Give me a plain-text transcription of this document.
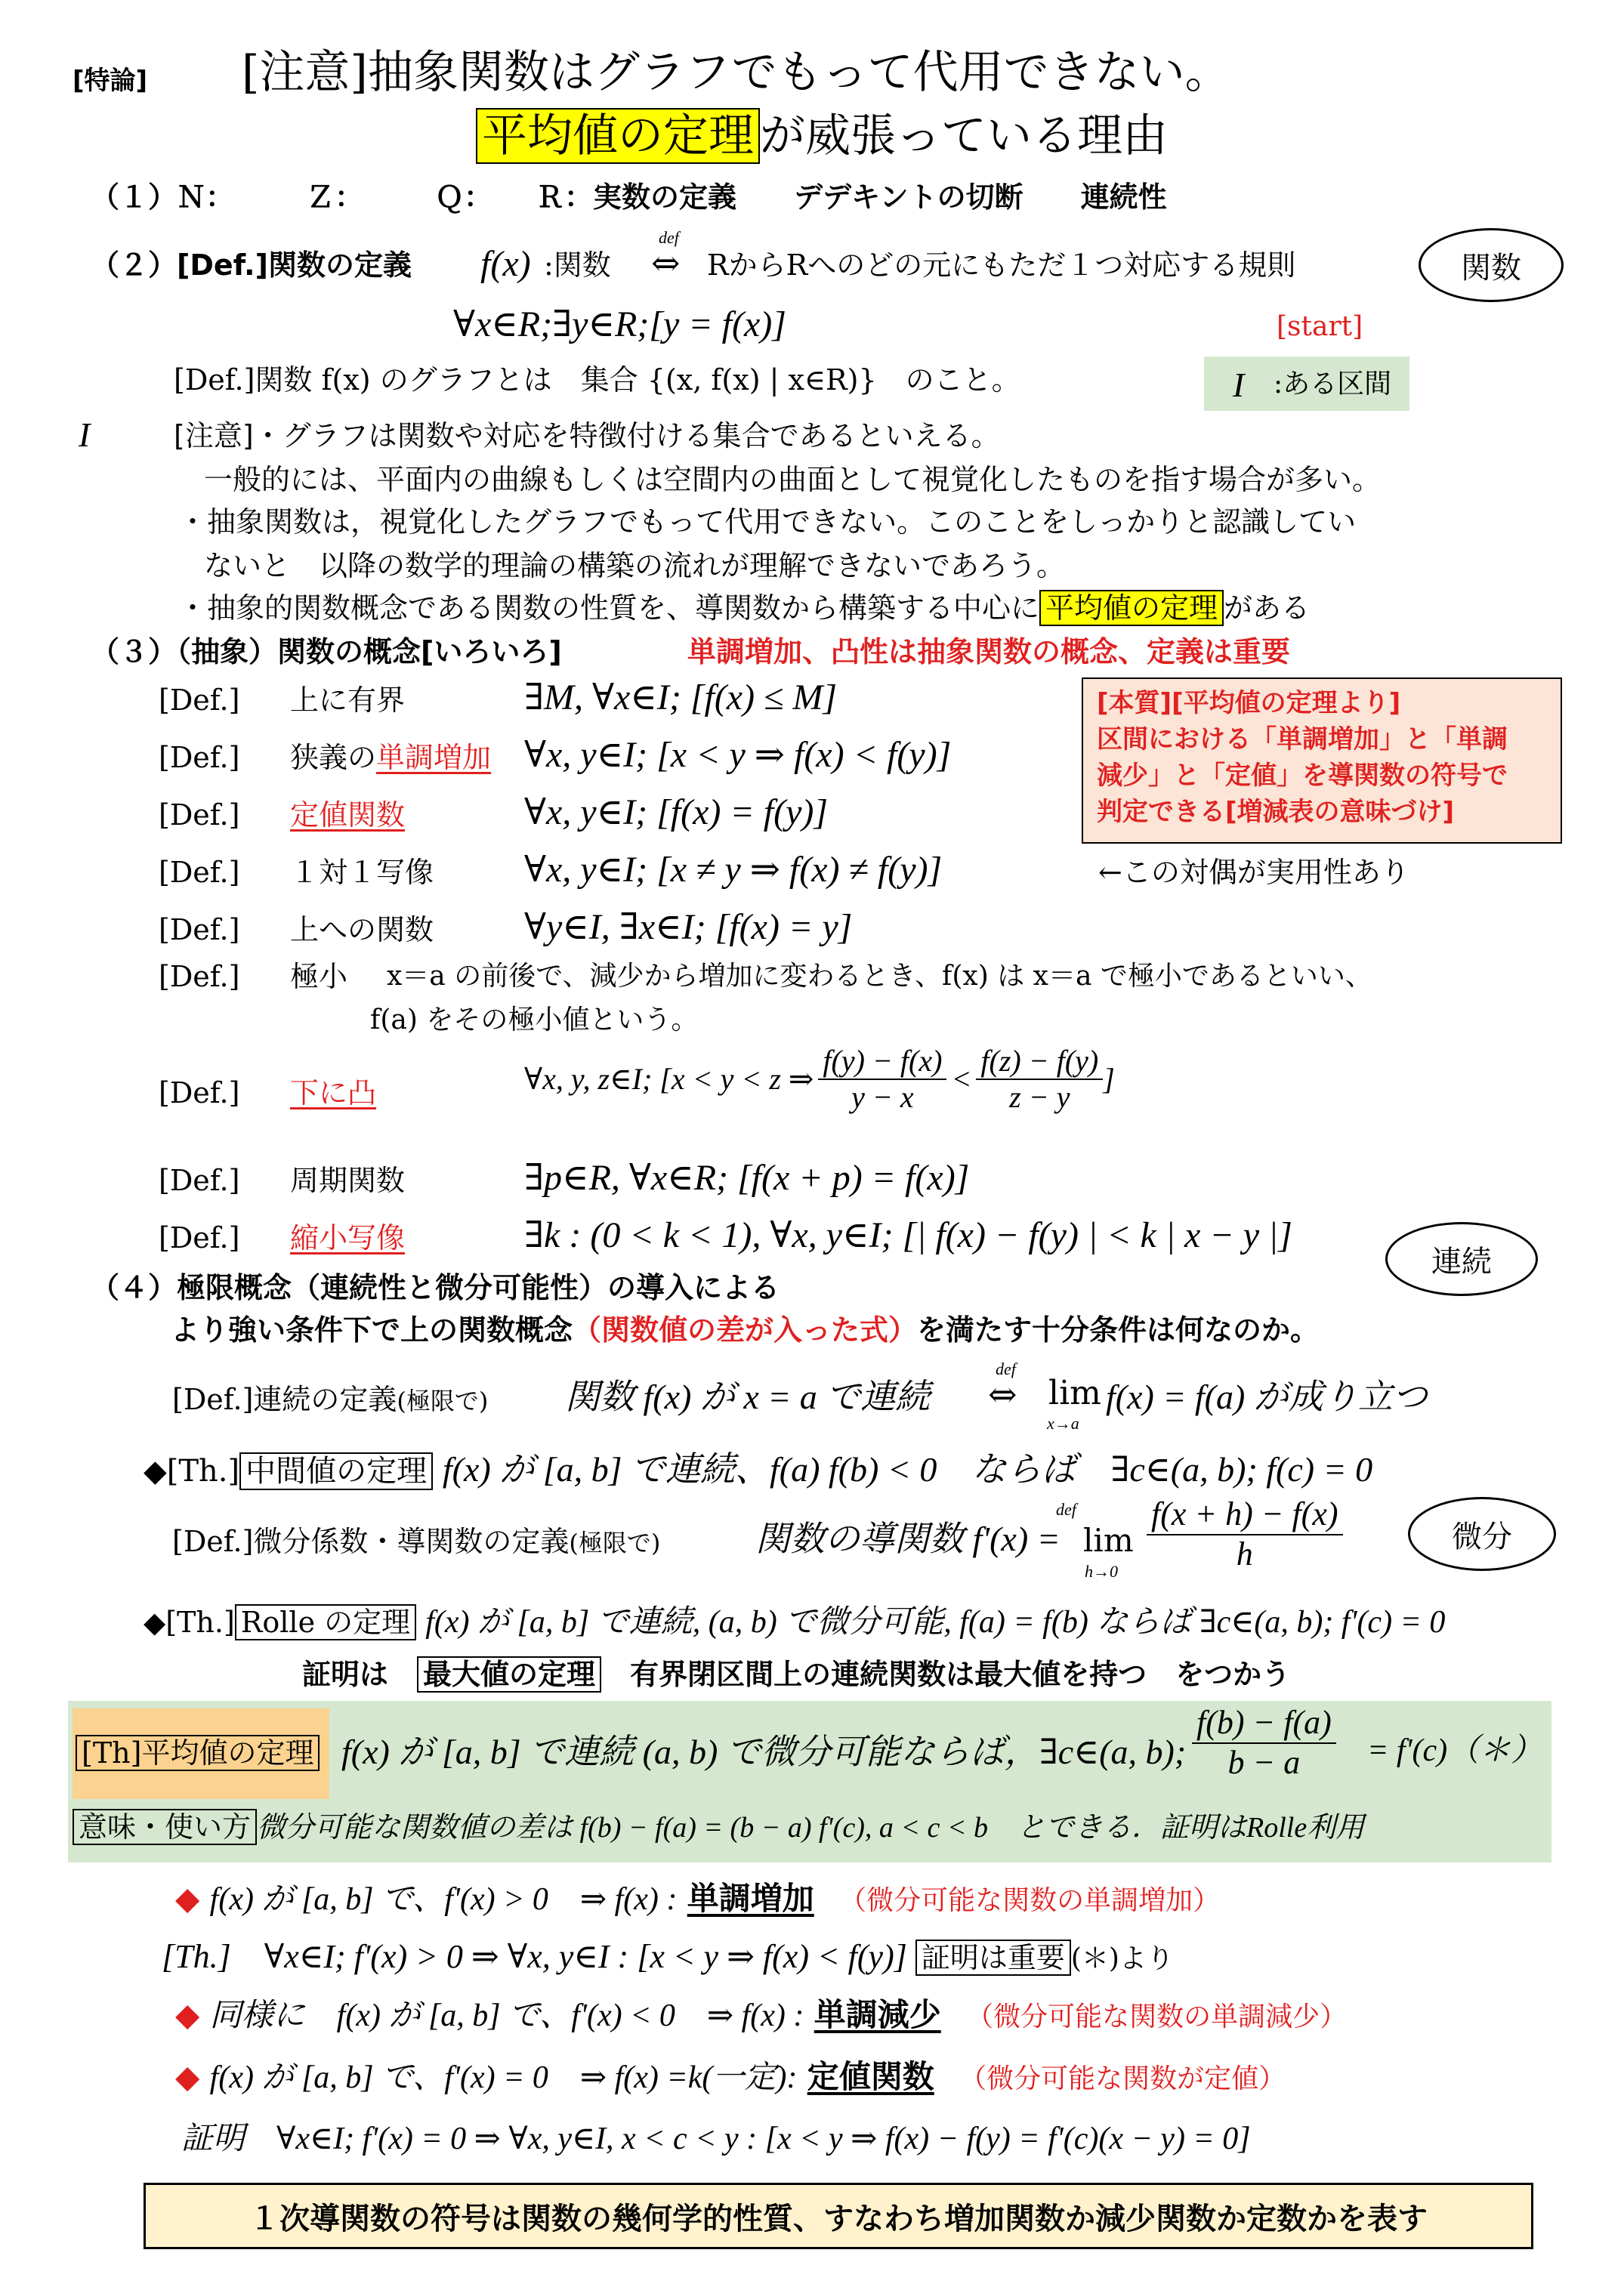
[特論] [注意]抽象関数はグラフでもって代用できない。
平均値の定理 が威張っている理由
（１）Ｎ：　　　Ｚ：　　　Ｑ：　　Ｒ：実数の定義　　デデキントの切断　　連続性
（２）[Def.]関数の定義 f(x) :関数
def
⇔ RからRへのどの元にもただ１つ対応する規則	関数
∀x∈R;∃y∈R;[y = f(x)]	[start]
[Def.]関数 f(x) のグラフとは　集合 {(x, f(x) | x∈R)}　のこと。	I :ある区間
I	[注意]・グラフは関数や対応を特徴付ける集合であるといえる。
一般的には、平面内の曲線もしくは空間内の曲面として視覚化したものを指す場合が多い。
・抽象関数は，視覚化したグラフでもって代用できない。このことをしっかりと認識してい
ないと　以降の数学的理論の構築の流れが理解できないであろう。
・抽象的関数概念である関数の性質を、導関数から構築する中心に 平均値の定理 がある
（３）（抽象）関数の概念[いろいろ]	単調増加、凸性は抽象関数の概念、定義は重要
[本質][平均値の定理より]
区間における「単調増加」と「単調
減少」と「定値」を導関数の符号で
判定できる[増減表の意味づけ]
[Def.] 上に有界	∃M, ∀x∈I; [f(x) ≤ M]
[Def.] 狭義の単調増加 ∀x, y∈I; [x < y ⇒ f(x) < f(y)]
[Def.] 定値関数	∀x, y∈I; [f(x) = f(y)]
[Def.] １対１写像 ∀x, y∈I; [x ≠ y ⇒ f(x) ≠ f(y)]	←この対偶が実用性あり
[Def.] 上への関数 ∀y∈I, ∃x∈I; [f(x) = y]
[Def.] 極小 x＝a の前後で、減少から増加に変わるとき、f(x) は x＝a で極小であるといい、
f(a) をその極小値という。
[Def.] 下に凸	∀x, y, z∈I; [x < y < z ⇒ $\frac{f(y) - f(x)}{y - x} < \frac{f(z) - f(y)}{z - y}$ ]
[Def.] 周期関数	∃p∈R, ∀x∈R; [f(x + p) = f(x)]
[Def.] 縮小写像	∃k : (0 < k < 1), ∀x, y∈I; [| f(x) − f(y) | < k | x − y |]
連続
（４）極限概念（連続性と微分可能性）の導入による
より強い条件下で上の関数概念（関数値の差が入った式）を満たす十分条件は何なのか。
[Def.]連続の定義(極限で) 関数 f(x) が x = a で連続
def
⇔ lim
x→a
f(x) = f(a) が成り立つ
◆[Th.] 中間値の定理 f(x) が [a, b] で連続、f(a) f(b) < 0　ならば　∃c∈(a, b); f(c) = 0
[Def.]微分係数・導関数の定義(極限で)	関数の導関数 f'(x) =
def
lim
$h\to 0 \frac{f(x + h) - f(x)}{h}$	微分
◆[Th.] Rolle の定理 f(x) が [a, b] で連続, (a, b) で微分可能, f(a) = f(b) ならば ∃c∈(a, b); f'(c) = 0
証明は　 最大値の定理　 有界閉区間上の連続関数は最大値を持つ　をつかう
[Th]平均値の定理 f(x) が [a, b] で連続 (a, b) で微分可能ならば，∃c∈(a, b); $\frac{f(b) - f(a)}{b - a}$ = f'(c)（＊）
意味・使い方 微分可能な関数値の差は f(b) − f(a) = (b − a) f'(c), a < c < b　とできる．証明はRolle利用
◆ f(x) が [a, b] で、f'(x) > 0　⇒ f(x) : 単調増加 （微分可能な関数の単調増加）
[Th.]　∀x∈I; f'(x) > 0 ⇒ ∀x, y∈I : [x < y ⇒ f(x) < f(y)] 証明は重要 (＊)より
◆ 同様に　f(x) が [a, b] で、f'(x) < 0　⇒ f(x) : 単調減少 （微分可能な関数の単調減少）
◆ f(x) が [a, b] で、f'(x) = 0　⇒ f(x) =k(一定): 定値関数 （微分可能な関数が定値）
証明　∀x∈I; f'(x) = 0 ⇒ ∀x, y∈I, x < c < y : [x < y ⇒ f(x) − f(y) = f'(c)(x − y) = 0]
１次導関数の符号は関数の幾何学的性質、すなわち増加関数か減少関数か定数かを表す
